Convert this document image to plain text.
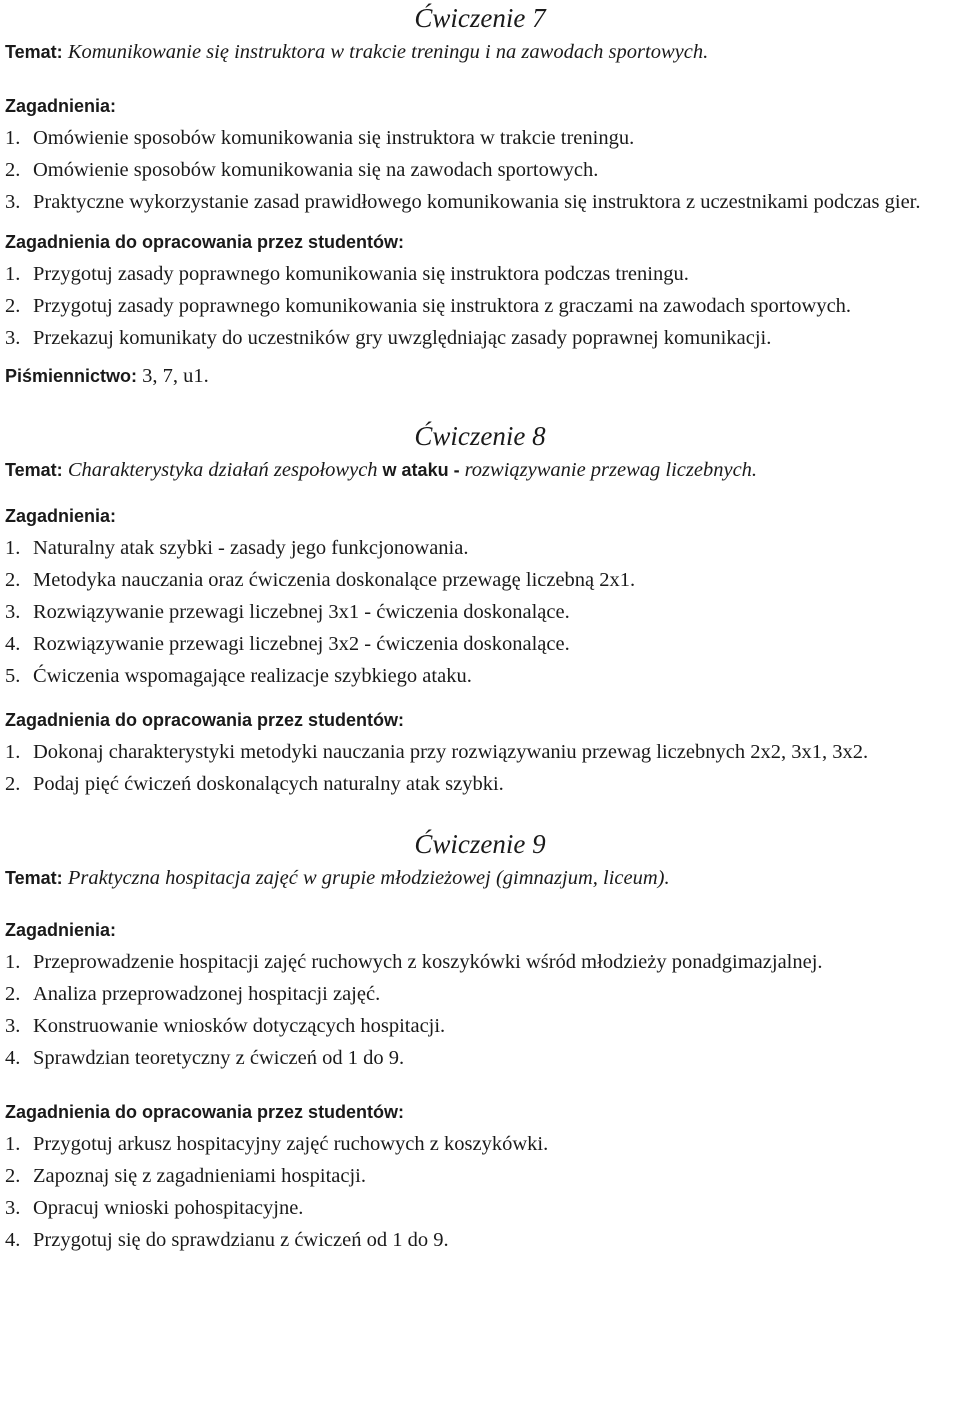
Ćwiczenie 7

Temat: Komunikowanie się instruktora w trakcie treningu i na zawodach sportowych.

Zagadnienia:

1. Omówienie sposobów komunikowania się instruktora w trakcie treningu.
2. Omówienie sposobów komunikowania się na zawodach sportowych.
3. Praktyczne wykorzystanie zasad prawidłowego komunikowania się instruktora z uczestnikami podczas gier.

Zagadnienia do opracowania przez studentów:

1. Przygotuj zasady poprawnego komunikowania się instruktora podczas treningu.
2. Przygotuj zasady poprawnego komunikowania się instruktora z graczami na zawodach sportowych.
3. Przekazuj komunikaty do uczestników gry uwzględniając zasady poprawnej komunikacji.

Piśmiennictwo: 3, 7, u1.

Ćwiczenie 8

Temat: Charakterystyka działań zespołowych w ataku - rozwiązywanie przewag liczebnych.

Zagadnienia:

1. Naturalny atak szybki - zasady jego funkcjonowania.
2. Metodyka nauczania oraz ćwiczenia doskonalące przewagę liczebną 2x1.
3. Rozwiązywanie przewagi liczebnej 3x1 - ćwiczenia doskonalące.
4. Rozwiązywanie przewagi liczebnej 3x2 - ćwiczenia doskonalące.
5. Ćwiczenia wspomagające realizacje szybkiego ataku.

Zagadnienia do opracowania przez studentów:

1. Dokonaj charakterystyki metodyki nauczania przy rozwiązywaniu przewag liczebnych 2x2, 3x1, 3x2.
2. Podaj pięć ćwiczeń doskonalących naturalny atak szybki.
Ćwiczenie 9

Temat: Praktyczna hospitacja zajęć w grupie młodzieżowej (gimnazjum, liceum).

Zagadnienia:

1. Przeprowadzenie hospitacji zajęć ruchowych z koszykówki wśród młodzieży ponadgimazjalnej.
2. Analiza przeprowadzonej hospitacji zajęć.
3. Konstruowanie wniosków dotyczących hospitacji.
4. Sprawdzian teoretyczny z ćwiczeń od 1 do 9.

Zagadnienia do opracowania przez studentów:

1. Przygotuj arkusz hospitacyjny zajęć ruchowych z koszykówki.
2. Zapoznaj się z zagadnieniami hospitacji.
3. Opracuj wnioski pohospitacyjne.
4. Przygotuj się do sprawdzianu z ćwiczeń od 1 do 9.
